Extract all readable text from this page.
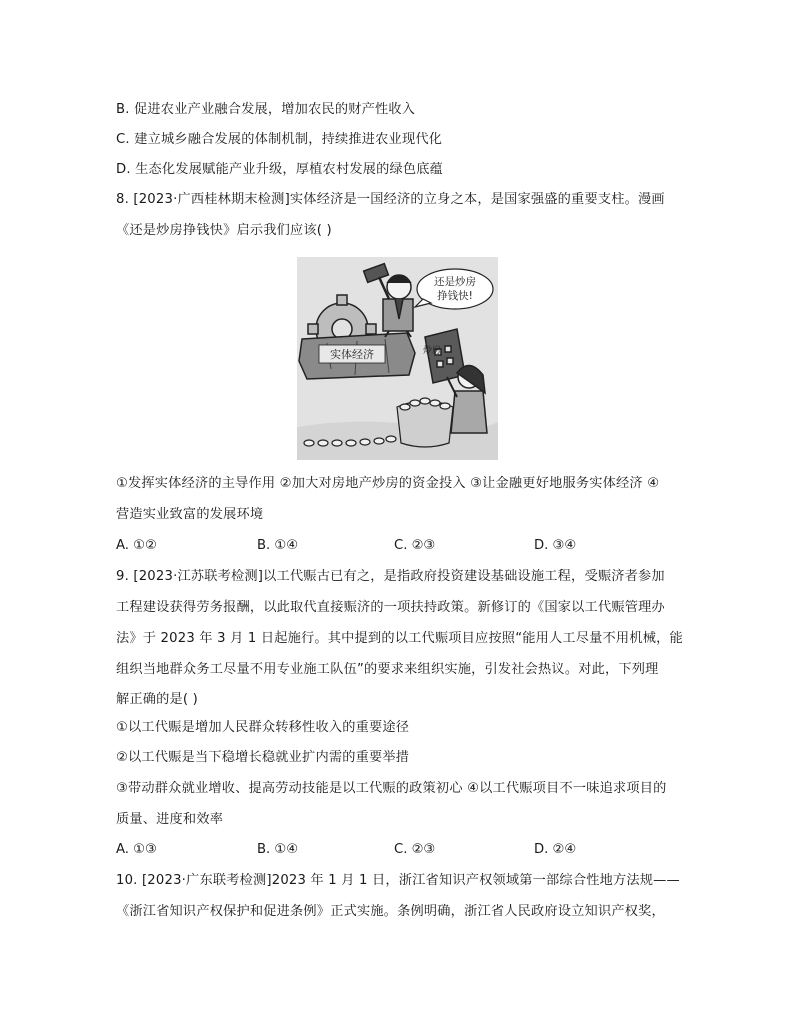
B. 促进农业产业融合发展，增加农民的财产性收入
C. 建立城乡融合发展的体制机制，持续推进农业现代化
D. 生态化发展赋能产业升级，厚植农村发展的绿色底蕴
8. [2023·广西桂林期末检测]实体经济是一国经济的立身之本，是国家强盛的重要支柱。漫画
《还是炒房挣钱快》启示我们应该( )
实体经济
还是炒房
挣钱快!
炒房
①发挥实体经济的主导作用 ②加大对房地产炒房的资金投入 ③让金融更好地服务实体经济 ④
营造实业致富的发展环境
A. ①②	B. ①④	C. ②③	D. ③④
9. [2023·江苏联考检测]以工代赈古已有之，是指政府投资建设基础设施工程，受赈济者参加
工程建设获得劳务报酬，以此取代直接赈济的一项扶持政策。新修订的《国家以工代赈管理办
法》于 2023 年 3 月 1 日起施行。其中提到的以工代赈项目应按照“能用人工尽量不用机械，能
组织当地群众务工尽量不用专业施工队伍”的要求来组织实施，引发社会热议。对此，下列理
解正确的是( )
①以工代赈是增加人民群众转移性收入的重要途径
②以工代赈是当下稳增长稳就业扩内需的重要举措
③带动群众就业增收、提高劳动技能是以工代赈的政策初心 ④以工代赈项目不一味追求项目的
质量、进度和效率
A. ①③	B. ①④	C. ②③	D. ②④
10. [2023·广东联考检测]2023 年 1 月 1 日，浙江省知识产权领域第一部综合性地方法规——
《浙江省知识产权保护和促进条例》正式实施。条例明确，浙江省人民政府设立知识产权奖，
